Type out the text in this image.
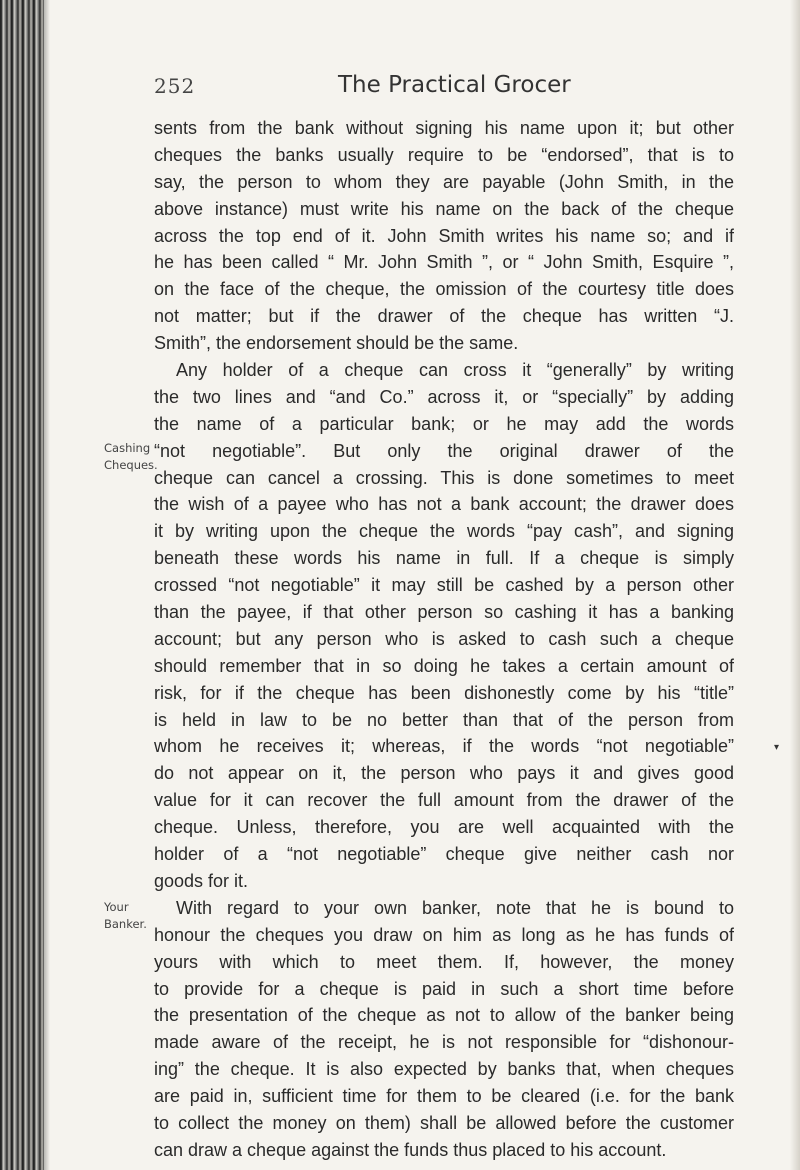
252	The Practical Grocer
Cashing
Cheques.
Your
Banker.
sents from the bank without signing his name upon it; but other
cheques the banks usually require to be “endorsed”, that is to
say, the person to whom they are payable (John Smith, in the
above instance) must write his name on the back of the cheque
across the top end of it. John Smith writes his name so; and if
he has been called “ Mr. John Smith ”, or “ John Smith, Esquire ”,
on the face of the cheque, the omission of the courtesy title does
not matter; but if the drawer of the cheque has written “J.
Smith”, the endorsement should be the same.
Any holder of a cheque can cross it “generally” by writing
the two lines and “and Co.” across it, or “specially” by adding
the name of a particular bank; or he may add the words
“not negotiable”. But only the original drawer of the
cheque can cancel a crossing. This is done sometimes to meet
the wish of a payee who has not a bank account; the drawer does
it by writing upon the cheque the words “pay cash”, and signing
beneath these words his name in full. If a cheque is simply
crossed “not negotiable” it may still be cashed by a person other
than the payee, if that other person so cashing it has a banking
account; but any person who is asked to cash such a cheque
should remember that in so doing he takes a certain amount of
risk, for if the cheque has been dishonestly come by his “title”
is held in law to be no better than that of the person from
whom he receives it; whereas, if the words “not negotiable”
do not appear on it, the person who pays it and gives good
value for it can recover the full amount from the drawer of the
cheque. Unless, therefore, you are well acquainted with the
holder of a “not negotiable” cheque give neither cash nor
goods for it.
With regard to your own banker, note that he is bound to
honour the cheques you draw on him as long as he has funds of
yours with which to meet them. If, however, the money
to provide for a cheque is paid in such a short time before
the presentation of the cheque as not to allow of the banker being
made aware of the receipt, he is not responsible for “dishonour-
ing” the cheque. It is also expected by banks that, when cheques
are paid in, sufficient time for them to be cleared (i.e. for the bank
to collect the money on them) shall be allowed before the customer
can draw a cheque against the funds thus placed to his account.
▾
